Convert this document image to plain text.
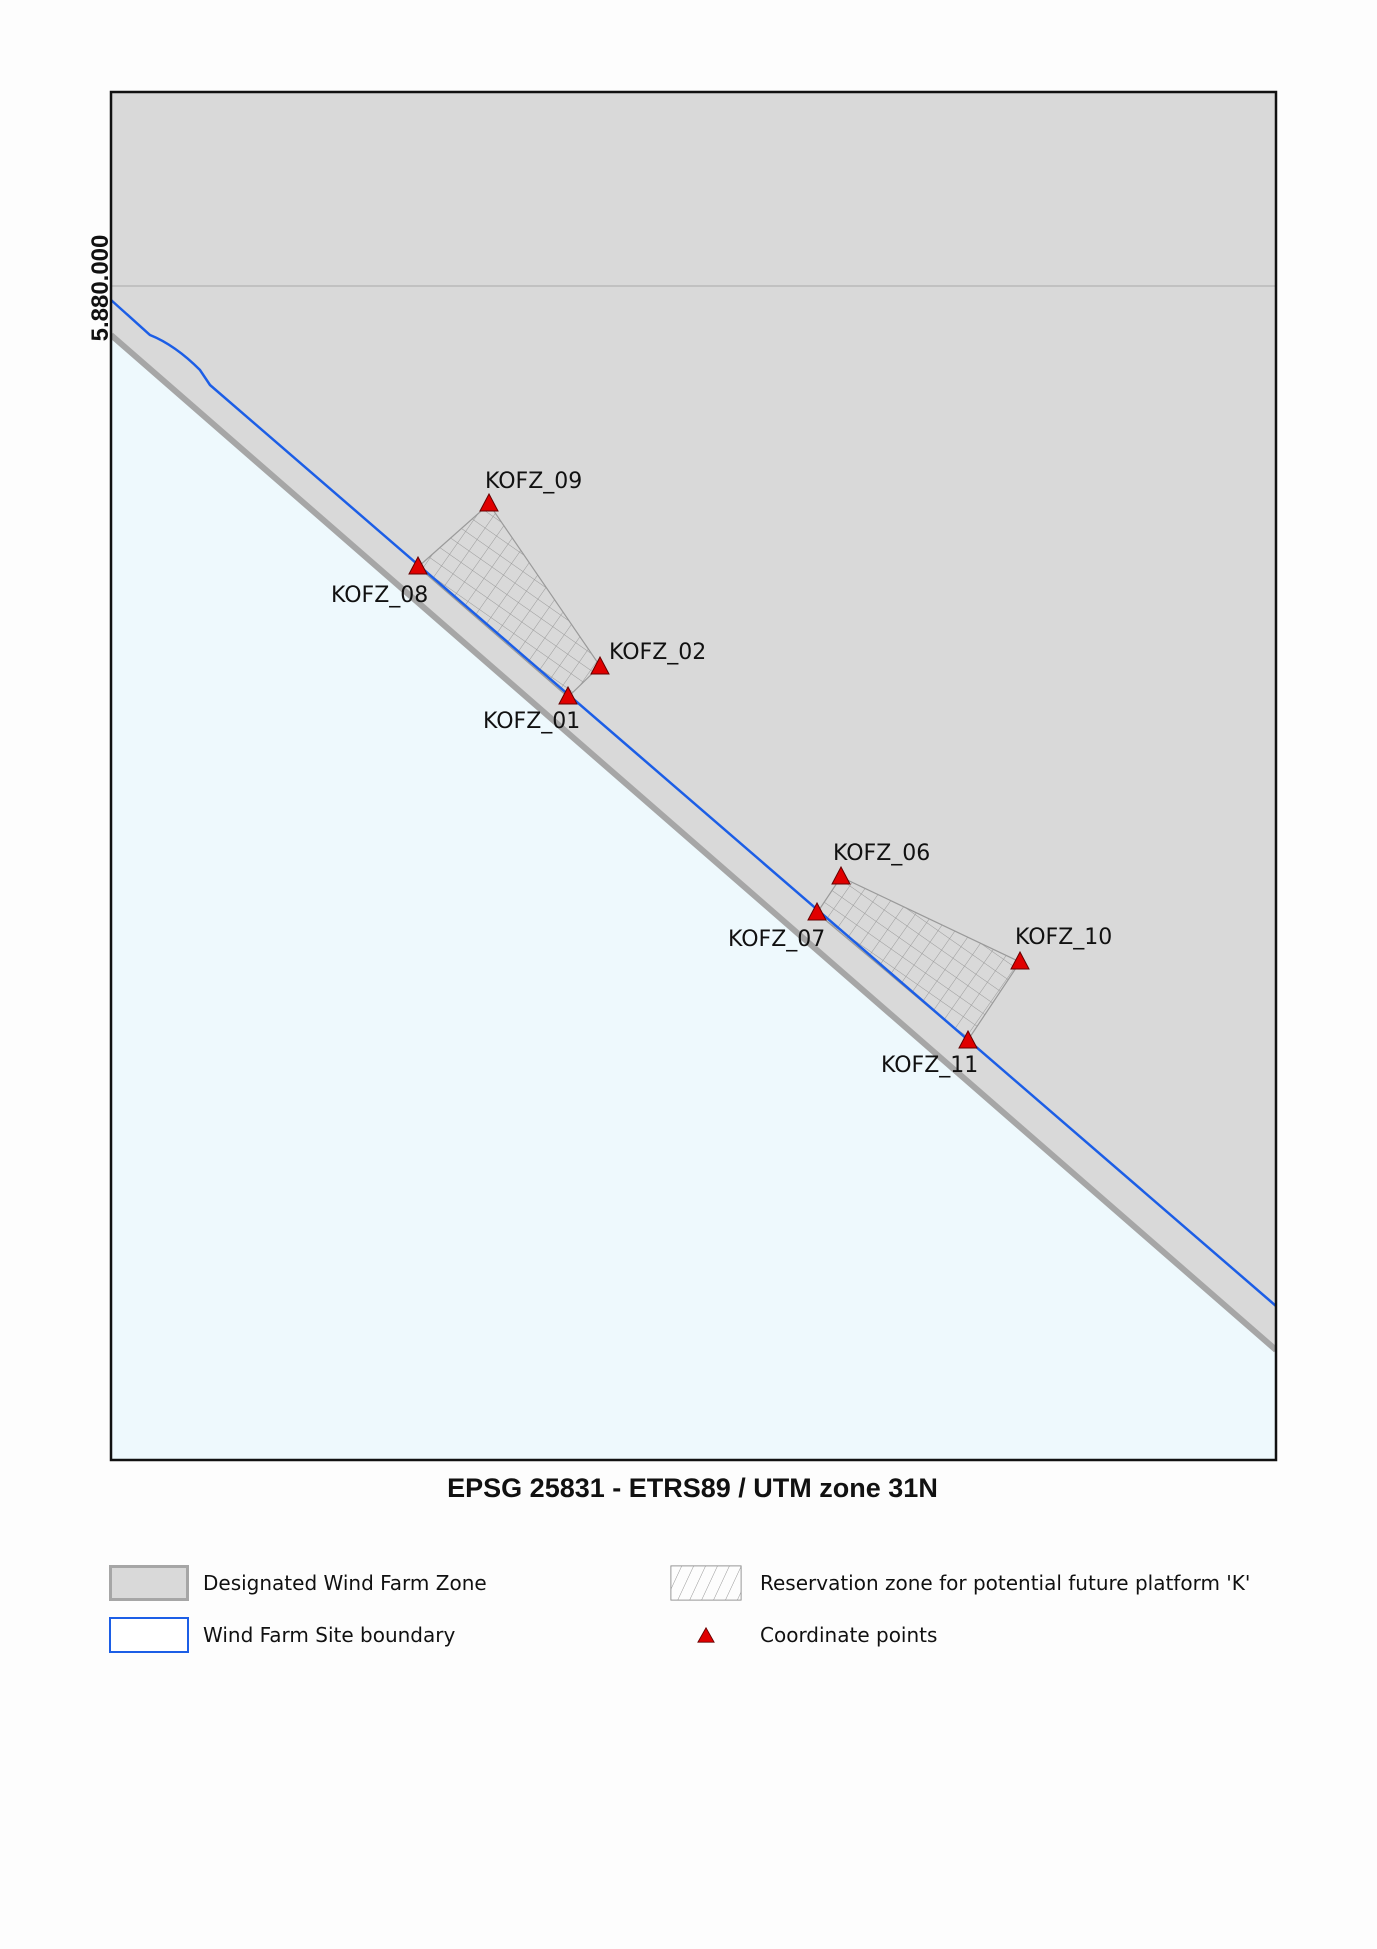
5.880.000
KOFZ_09
KOFZ_08
KOFZ_02
KOFZ_01
KOFZ_06
KOFZ_07	KOFZ_10
KOFZ_11
EPSG 25831 - ETRS89 / UTM zone 31N
Designated Wind Farm Zone
Wind Farm Site boundary
Reservation zone for potential future platform 'K'
Coordinate points
